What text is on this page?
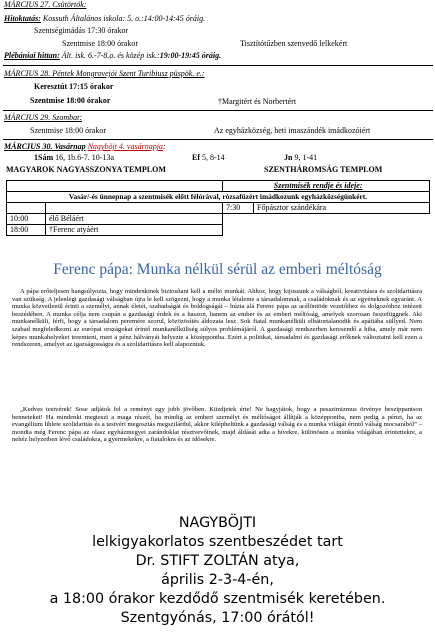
MÁRCIUS 27. Csütörtök:
Hitoktatás: Kossuth Általános iskola: 5. o.:14:00-14:45 óráig.
Szentségimádás 17:30 órakor
Szentmise 18:00 órakor	Tisztítótűzben szenvedő lelkekért
Plébániai hittan: Ált. isk. 6.-7-8.o. és közép isk.:19:00-19:45 óráig.
MÁRCIUS 28. Péntek Mongrovejói Szent Turibiusz püspök. e.:
Keresztút 17:15 órakor
Szentmise 18:00 órakor	†Margitért és Norbertért
MÁRCIUS 29. Szombat:
Szentmise 18:00 órakor	Az egyházközség, heti imaszándék imádkozóiért
MÁRCIUS 30. Vasárnap Nagyböjt 4. vasárnapja:
1Sám 16, 1b.6-7. 10-13a	Ef 5, 8-14	Jn 9, 1-41
MAGYAROK NAGYASSZONYA TEMPLOM	SZENTHÁROMSÁG TEMPLOM
		Szentmisék rendje és ideje:		
Vasár/-és ünnepnap a szentmisék előtt félórával, rózsafüzért imádkozunk egyházközségünkért.				
		7:30	Főpásztor szándékára	
10:00	élő Béláért			
18:00	†Ferenc atyáért			
Ferenc pápa: Munka nélkül sérül az emberi méltóság
A pápa erőteljesen hangsúlyozta, hogy mindenkinek biztosítani kell a méltó munkát. Ahhoz, hogy kijussunk a válságból, kreativitásra és szolidaritásra van szükség. A jelenlegi gazdasági válságban újra le kell szögezni, hogy a munka létaleme a társadalomnak, a családoknak és az egyéneknek egyaránt. A munka közvetlenül érinti a személyt, annak életét, szabadságát és boldogságát – húzta alá Ferenc pápa az acélöntöde vezetőihez és dolgozóihoz intézett beszédében. A munka célja nem csupán a gazdasági érdek és a haszon, hanem az ember és az emberi méltóság, amelyek szorosan összefüggnek. Aki munkanélküli, férfi, hogy a társadalom peremére szorul, közözösítés áldozata lesz. Sok fiatal munkanélküli elbátortalanodik és apátiába süllyed. Nem szabad megfeledkezni az európai országokat érintő munkanélküliség súlyos problémájáról. A gazdasági rendszerben keresendő a hiba, amely már nem képes munkahelyeket teremteni, mert a pénz bálványát helyezte a középpontba. Ezért a politikai, társadalmi és gazdasági erőknek változtatni kell ezen a rendszeren, amelyet az igazságosságra és a szolidaritásra kell alapozniuk.
„Kedves testvérek! Sose adjátok fel a reményt egy jobb jövőben. Küzdjetek érte! Ne hagyjátok, hogy a pesszimizmus örvénye beszippantson benneteket! Ha mindenki megteszi a maga részét, ha mindig az embert személyt és méltóságot állítják a középpontba, nem pedig a pénzt, ha az evangélium lihlete szolidaritás és a testvéri megosztás megszilárdul, akkor kilépheltünk a gazdasági válság és a munka világát érintő válság mocsarából” – mondta még Ferenc pápa az olasz egyházmegyei zarándoklat résztvevőinek, majd áldását adta a hívekre, különösen a munka világában érintettekre, a nehéz helyzetben lévő családokra, a gyermekekre, a fiatalokra és az idősekre.
NAGYBÖJTI
lelkigyakorlatos szentbeszédet tart
Dr. STIFT ZOLTÁN atya,
április 2-3-4-én,
a 18:00 órakor kezdődő szentmisék keretében.
Szentgyónás, 17:00 órától!
